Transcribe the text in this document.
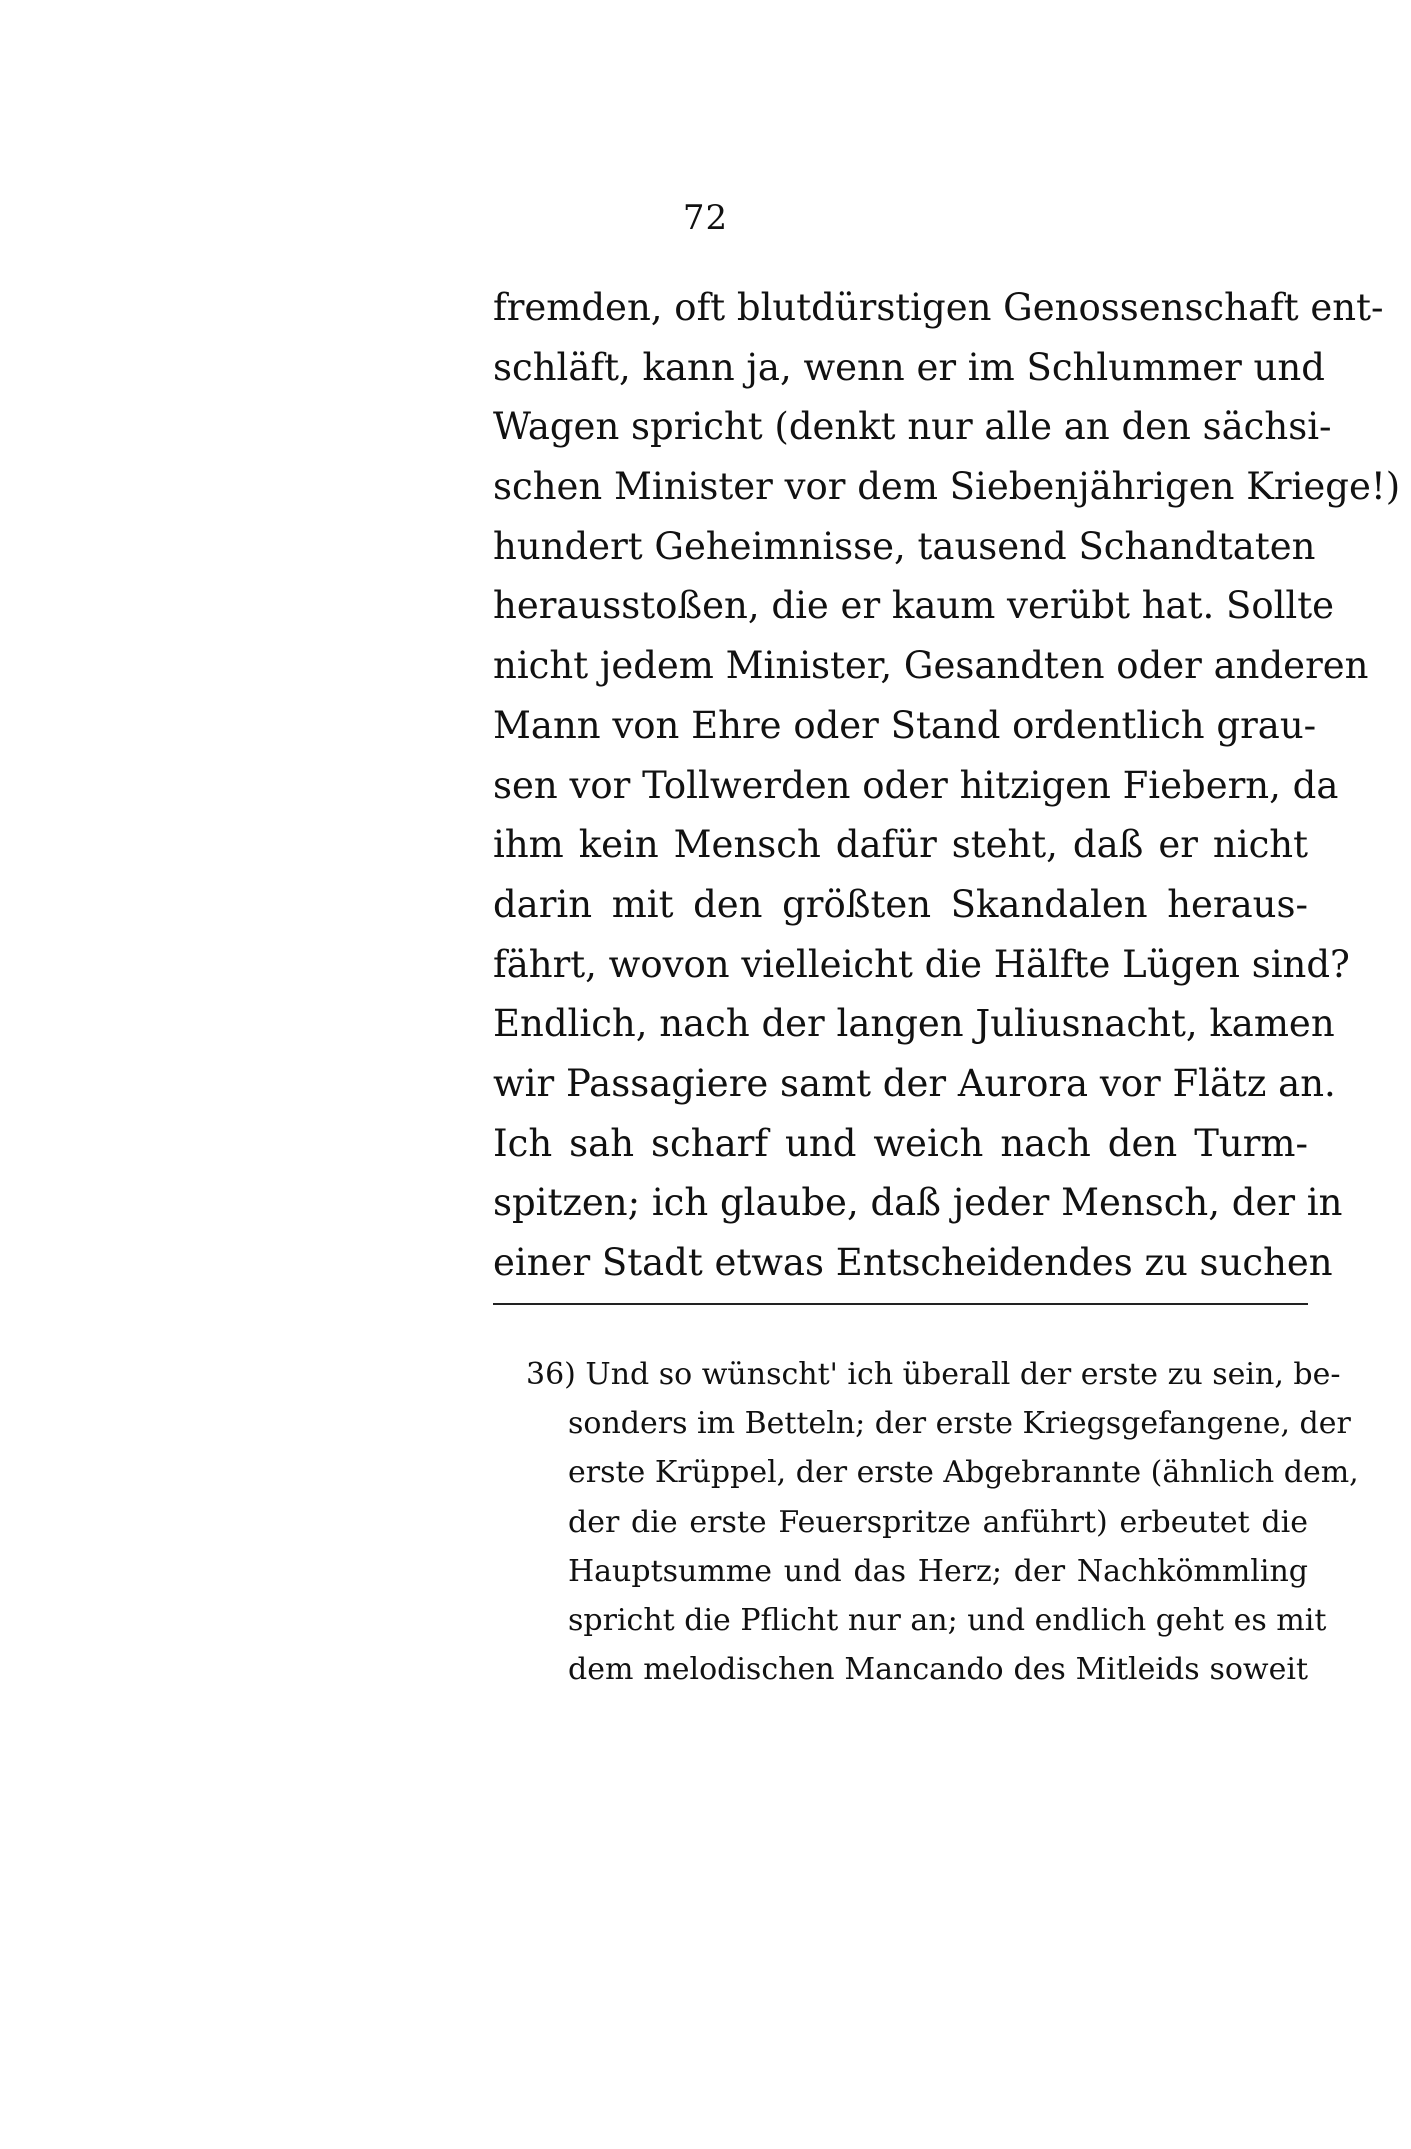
72
fremden, oft blutdürstigen Genossenschaft ent-
schläft, kann ja, wenn er im Schlummer und
Wagen spricht (denkt nur alle an den sächsi-
schen Minister vor dem Siebenjährigen Kriege!)
hundert Geheimnisse, tausend Schandtaten
herausstoßen, die er kaum verübt hat. Sollte
nicht jedem Minister, Gesandten oder anderen
Mann von Ehre oder Stand ordentlich grau-
sen vor Tollwerden oder hitzigen Fiebern, da
ihm kein Mensch dafür steht, daß er nicht
darin mit den größten Skandalen heraus-
fährt, wovon vielleicht die Hälfte Lügen sind?
Endlich, nach der langen Juliusnacht, kamen
wir Passagiere samt der Aurora vor Flätz an.
Ich sah scharf und weich nach den Turm-
spitzen; ich glaube, daß jeder Mensch, der in
einer Stadt etwas Entscheidendes zu suchen
36) Und so wünscht' ich überall der erste zu sein, be-
sonders im Betteln; der erste Kriegsgefangene, der
erste Krüppel, der erste Abgebrannte (ähnlich dem,
der die erste Feuerspritze anführt) erbeutet die
Hauptsumme und das Herz; der Nachkömmling
spricht die Pflicht nur an; und endlich geht es mit
dem melodischen Mancando des Mitleids soweit
